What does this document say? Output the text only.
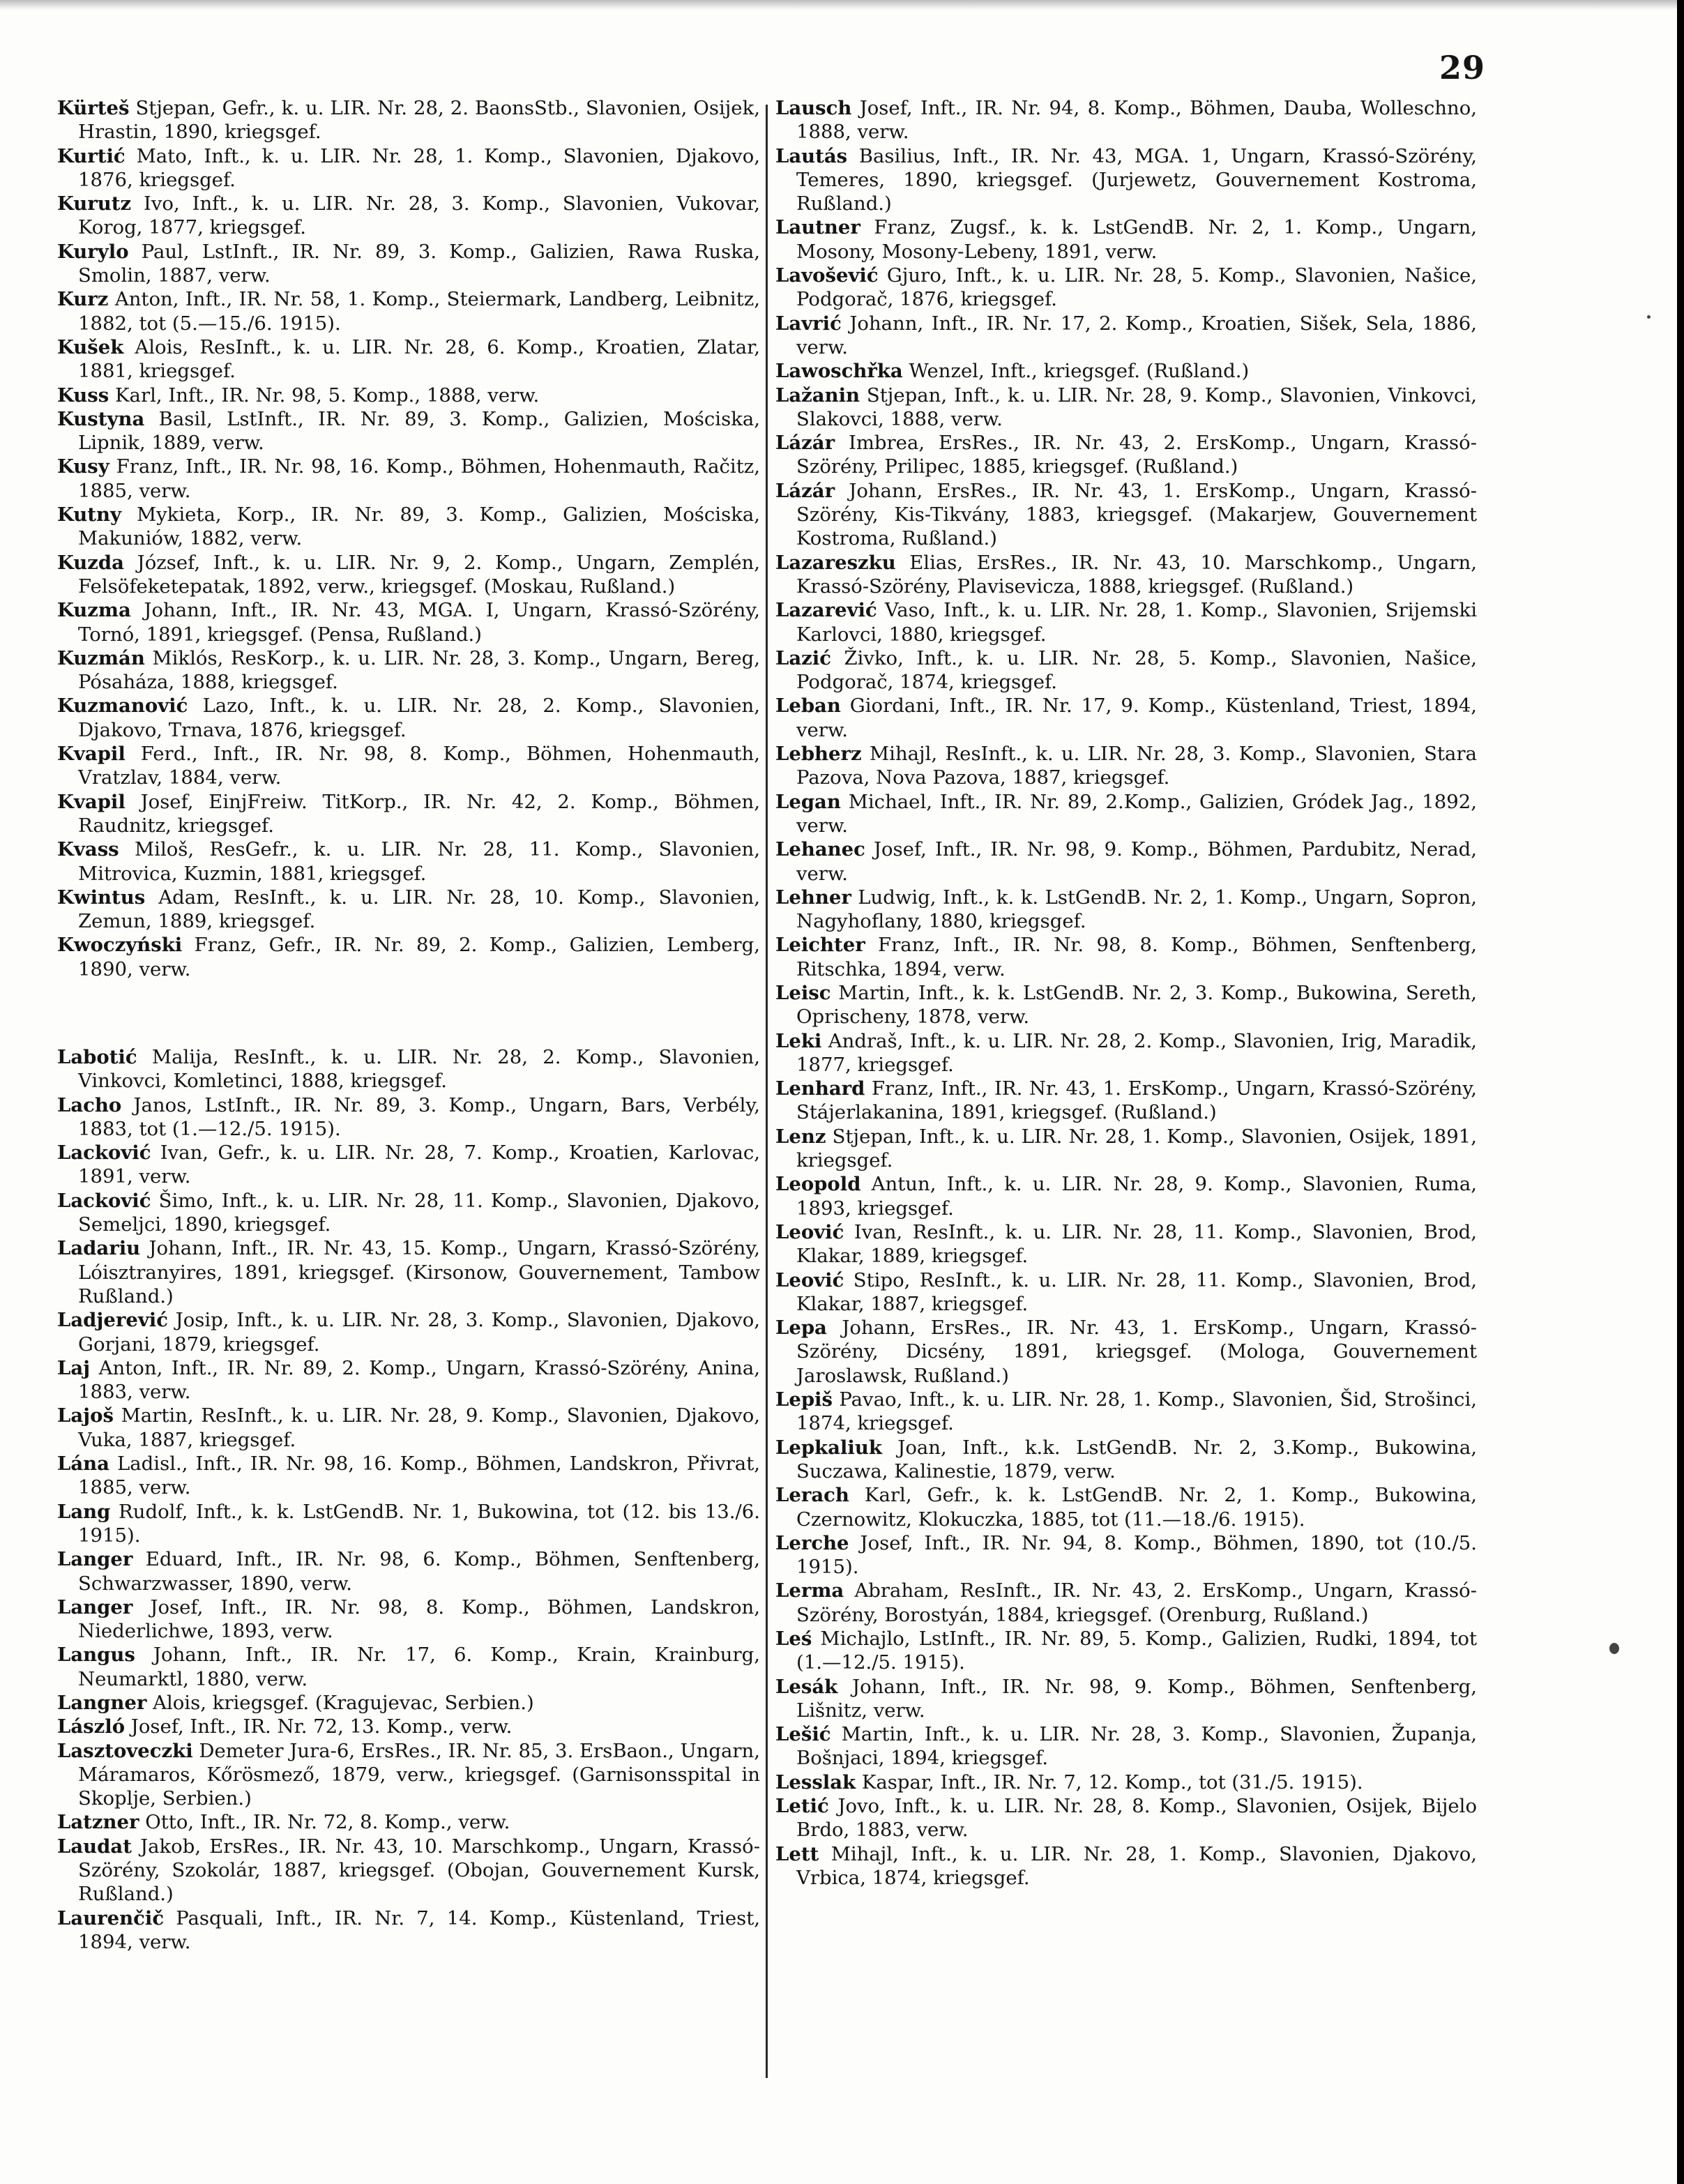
29

Kürteš Stjepan, Gefr., k. u. LIR. Nr. 28, 2. BaonsStb., Slavonien, Osijek, Hrastin, 1890, kriegsgef.

Kurtić Mato, Inft., k. u. LIR. Nr. 28, 1. Komp., Slavonien, Djakovo, 1876, kriegsgef.

Kurutz Ivo, Inft., k. u. LIR. Nr. 28, 3. Komp., Slavonien, Vukovar, Korog, 1877, kriegsgef.

Kurylo Paul, LstInft., IR. Nr. 89, 3. Komp., Galizien, Rawa Ruska, Smolin, 1887, verw.

Kurz Anton, Inft., IR. Nr. 58, 1. Komp., Steiermark, Landberg, Leibnitz, 1882, tot (5.—15./6. 1915).

Kušek Alois, ResInft., k. u. LIR. Nr. 28, 6. Komp., Kroatien, Zlatar, 1881, kriegsgef.

Kuss Karl, Inft., IR. Nr. 98, 5. Komp., 1888, verw.

Kustyna Basil, LstInft., IR. Nr. 89, 3. Komp., Galizien, Mościska, Lipnik, 1889, verw.

Kusy Franz, Inft., IR. Nr. 98, 16. Komp., Böhmen, Hohenmauth, Račitz, 1885, verw.

Kutny Mykieta, Korp., IR. Nr. 89, 3. Komp., Galizien, Mościska, Makuniów, 1882, verw.

Kuzda József, Inft., k. u. LIR. Nr. 9, 2. Komp., Ungarn, Zemplén, Felsöfeketepatak, 1892, verw., kriegsgef. (Moskau, Rußland.)

Kuzma Johann, Inft., IR. Nr. 43, MGA. I, Ungarn, Krassó-Szörény, Tornó, 1891, kriegsgef. (Pensa, Rußland.)

Kuzmán Miklós, ResKorp., k. u. LIR. Nr. 28, 3. Komp., Ungarn, Bereg, Pósaháza, 1888, kriegsgef.

Kuzmanović Lazo, Inft., k. u. LIR. Nr. 28, 2. Komp., Slavonien, Djakovo, Trnava, 1876, kriegsgef.

Kvapil Ferd., Inft., IR. Nr. 98, 8. Komp., Böhmen, Hohenmauth, Vratzlav, 1884, verw.

Kvapil Josef, EinjFreiw. TitKorp., IR. Nr. 42, 2. Komp., Böhmen, Raudnitz, kriegsgef.

Kvass Miloš, ResGefr., k. u. LIR. Nr. 28, 11. Komp., Slavonien, Mitrovica, Kuzmin, 1881, kriegsgef.

Kwintus Adam, ResInft., k. u. LIR. Nr. 28, 10. Komp., Slavonien, Zemun, 1889, kriegsgef.

Kwoczyński Franz, Gefr., IR. Nr. 89, 2. Komp., Galizien, Lemberg, 1890, verw.

Labotić Malija, ResInft., k. u. LIR. Nr. 28, 2. Komp., Slavonien, Vinkovci, Komletinci, 1888, kriegsgef.

Lacho Janos, LstInft., IR. Nr. 89, 3. Komp., Ungarn, Bars, Verbély, 1883, tot (1.—12./5. 1915).

Lacković Ivan, Gefr., k. u. LIR. Nr. 28, 7. Komp., Kroatien, Karlovac, 1891, verw.

Lacković Šimo, Inft., k. u. LIR. Nr. 28, 11. Komp., Slavonien, Djakovo, Semeljci, 1890, kriegsgef.

Ladariu Johann, Inft., IR. Nr. 43, 15. Komp., Ungarn, Krassó-Szörény, Lóisztranyires, 1891, kriegsgef. (Kirsonow, Gouvernement, Tambow Rußland.)

Ladjerević Josip, Inft., k. u. LIR. Nr. 28, 3. Komp., Slavonien, Djakovo, Gorjani, 1879, kriegsgef.

Laj Anton, Inft., IR. Nr. 89, 2. Komp., Ungarn, Krassó-Szörény, Anina, 1883, verw.

Lajoš Martin, ResInft., k. u. LIR. Nr. 28, 9. Komp., Slavonien, Djakovo, Vuka, 1887, kriegsgef.

Lána Ladisl., Inft., IR. Nr. 98, 16. Komp., Böhmen, Landskron, Přivrat, 1885, verw.

Lang Rudolf, Inft., k. k. LstGendB. Nr. 1, Bukowina, tot (12. bis 13./6. 1915).

Langer Eduard, Inft., IR. Nr. 98, 6. Komp., Böhmen, Senftenberg, Schwarzwasser, 1890, verw.

Langer Josef, Inft., IR. Nr. 98, 8. Komp., Böhmen, Landskron, Niederlichwe, 1893, verw.

Langus Johann, Inft., IR. Nr. 17, 6. Komp., Krain, Krainburg, Neumarktl, 1880, verw.

Langner Alois, kriegsgef. (Kragujevac, Serbien.)

László Josef, Inft., IR. Nr. 72, 13. Komp., verw.

Lasztoveczki Demeter Jura-6, ErsRes., IR. Nr. 85, 3. ErsBaon., Ungarn, Máramaros, Kőrösmező, 1879, verw., kriegsgef. (Garnisonsspital in Skoplje, Serbien.)

Latzner Otto, Inft., IR. Nr. 72, 8. Komp., verw.

Laudat Jakob, ErsRes., IR. Nr. 43, 10. Marschkomp., Ungarn, Krassó-Szörény, Szokolár, 1887, kriegsgef. (Obojan, Gouvernement Kursk, Rußland.)

Laurenčič Pasquali, Inft., IR. Nr. 7, 14. Komp., Küstenland, Triest, 1894, verw.

Lausch Josef, Inft., IR. Nr. 94, 8. Komp., Böhmen, Dauba, Wolleschno, 1888, verw.

Lautás Basilius, Inft., IR. Nr. 43, MGA. 1, Ungarn, Krassó-Szörény, Temeres, 1890, kriegsgef. (Jurjewetz, Gouvernement Kostroma, Rußland.)

Lautner Franz, Zugsf., k. k. LstGendB. Nr. 2, 1. Komp., Ungarn, Mosony, Mosony-Lebeny, 1891, verw.

Lavošević Gjuro, Inft., k. u. LIR. Nr. 28, 5. Komp., Slavonien, Našice, Podgorač, 1876, kriegsgef.

Lavrić Johann, Inft., IR. Nr. 17, 2. Komp., Kroatien, Sišek, Sela, 1886, verw.

Lawoschřka Wenzel, Inft., kriegsgef. (Rußland.)

Lažanin Stjepan, Inft., k. u. LIR. Nr. 28, 9. Komp., Slavonien, Vinkovci, Slakovci, 1888, verw.

Lázár Imbrea, ErsRes., IR. Nr. 43, 2. ErsKomp., Ungarn, Krassó-Szörény, Prilipec, 1885, kriegsgef. (Rußland.)

Lázár Johann, ErsRes., IR. Nr. 43, 1. ErsKomp., Ungarn, Krassó-Szörény, Kis-Tikvány, 1883, kriegsgef. (Makarjew, Gouvernement Kostroma, Rußland.)

Lazareszku Elias, ErsRes., IR. Nr. 43, 10. Marschkomp., Ungarn, Krassó-Szörény, Plavisevicza, 1888, kriegsgef. (Rußland.)

Lazarević Vaso, Inft., k. u. LIR. Nr. 28, 1. Komp., Slavonien, Srijemski Karlovci, 1880, kriegsgef.

Lazić Živko, Inft., k. u. LIR. Nr. 28, 5. Komp., Slavonien, Našice, Podgorač, 1874, kriegsgef.

Leban Giordani, Inft., IR. Nr. 17, 9. Komp., Küstenland, Triest, 1894, verw.

Lebherz Mihajl, ResInft., k. u. LIR. Nr. 28, 3. Komp., Slavonien, Stara Pazova, Nova Pazova, 1887, kriegsgef.

Legan Michael, Inft., IR. Nr. 89, 2.Komp., Galizien, Gródek Jag., 1892, verw.

Lehanec Josef, Inft., IR. Nr. 98, 9. Komp., Böhmen, Pardubitz, Nerad, verw.

Lehner Ludwig, Inft., k. k. LstGendB. Nr. 2, 1. Komp., Ungarn, Sopron, Nagyhoflany, 1880, kriegsgef.

Leichter Franz, Inft., IR. Nr. 98, 8. Komp., Böhmen, Senftenberg, Ritschka, 1894, verw.

Leisc Martin, Inft., k. k. LstGendB. Nr. 2, 3. Komp., Bukowina, Sereth, Oprischeny, 1878, verw.

Leki Andraš, Inft., k. u. LIR. Nr. 28, 2. Komp., Slavonien, Irig, Maradik, 1877, kriegsgef.

Lenhard Franz, Inft., IR. Nr. 43, 1. ErsKomp., Ungarn, Krassó-Szörény, Stájerlakanina, 1891, kriegsgef. (Rußland.)

Lenz Stjepan, Inft., k. u. LIR. Nr. 28, 1. Komp., Slavonien, Osijek, 1891, kriegsgef.

Leopold Antun, Inft., k. u. LIR. Nr. 28, 9. Komp., Slavonien, Ruma, 1893, kriegsgef.

Leović Ivan, ResInft., k. u. LIR. Nr. 28, 11. Komp., Slavonien, Brod, Klakar, 1889, kriegsgef.

Leović Stipo, ResInft., k. u. LIR. Nr. 28, 11. Komp., Slavonien, Brod, Klakar, 1887, kriegsgef.

Lepa Johann, ErsRes., IR. Nr. 43, 1. ErsKomp., Ungarn, Krassó-Szörény, Dicsény, 1891, kriegsgef. (Mologa, Gouvernement Jaroslawsk, Rußland.)

Lepiš Pavao, Inft., k. u. LIR. Nr. 28, 1. Komp., Slavonien, Šid, Strošinci, 1874, kriegsgef.

Lepkaliuk Joan, Inft., k.k. LstGendB. Nr. 2, 3.Komp., Bukowina, Suczawa, Kalinestie, 1879, verw.

Lerach Karl, Gefr., k. k. LstGendB. Nr. 2, 1. Komp., Bukowina, Czernowitz, Klokuczka, 1885, tot (11.—18./6. 1915).

Lerche Josef, Inft., IR. Nr. 94, 8. Komp., Böhmen, 1890, tot (10./5. 1915).

Lerma Abraham, ResInft., IR. Nr. 43, 2. ErsKomp., Ungarn, Krassó-Szörény, Borostyán, 1884, kriegsgef. (Orenburg, Rußland.)

Leś Michajlo, LstInft., IR. Nr. 89, 5. Komp., Galizien, Rudki, 1894, tot (1.—12./5. 1915).

Lesák Johann, Inft., IR. Nr. 98, 9. Komp., Böhmen, Senftenberg, Lišnitz, verw.

Lešić Martin, Inft., k. u. LIR. Nr. 28, 3. Komp., Slavonien, Županja, Bošnjaci, 1894, kriegsgef.

Lesslak Kaspar, Inft., IR. Nr. 7, 12. Komp., tot (31./5. 1915).

Letić Jovo, Inft., k. u. LIR. Nr. 28, 8. Komp., Slavonien, Osijek, Bijelo Brdo, 1883, verw.

Lett Mihajl, Inft., k. u. LIR. Nr. 28, 1. Komp., Slavonien, Djakovo, Vrbica, 1874, kriegsgef.
